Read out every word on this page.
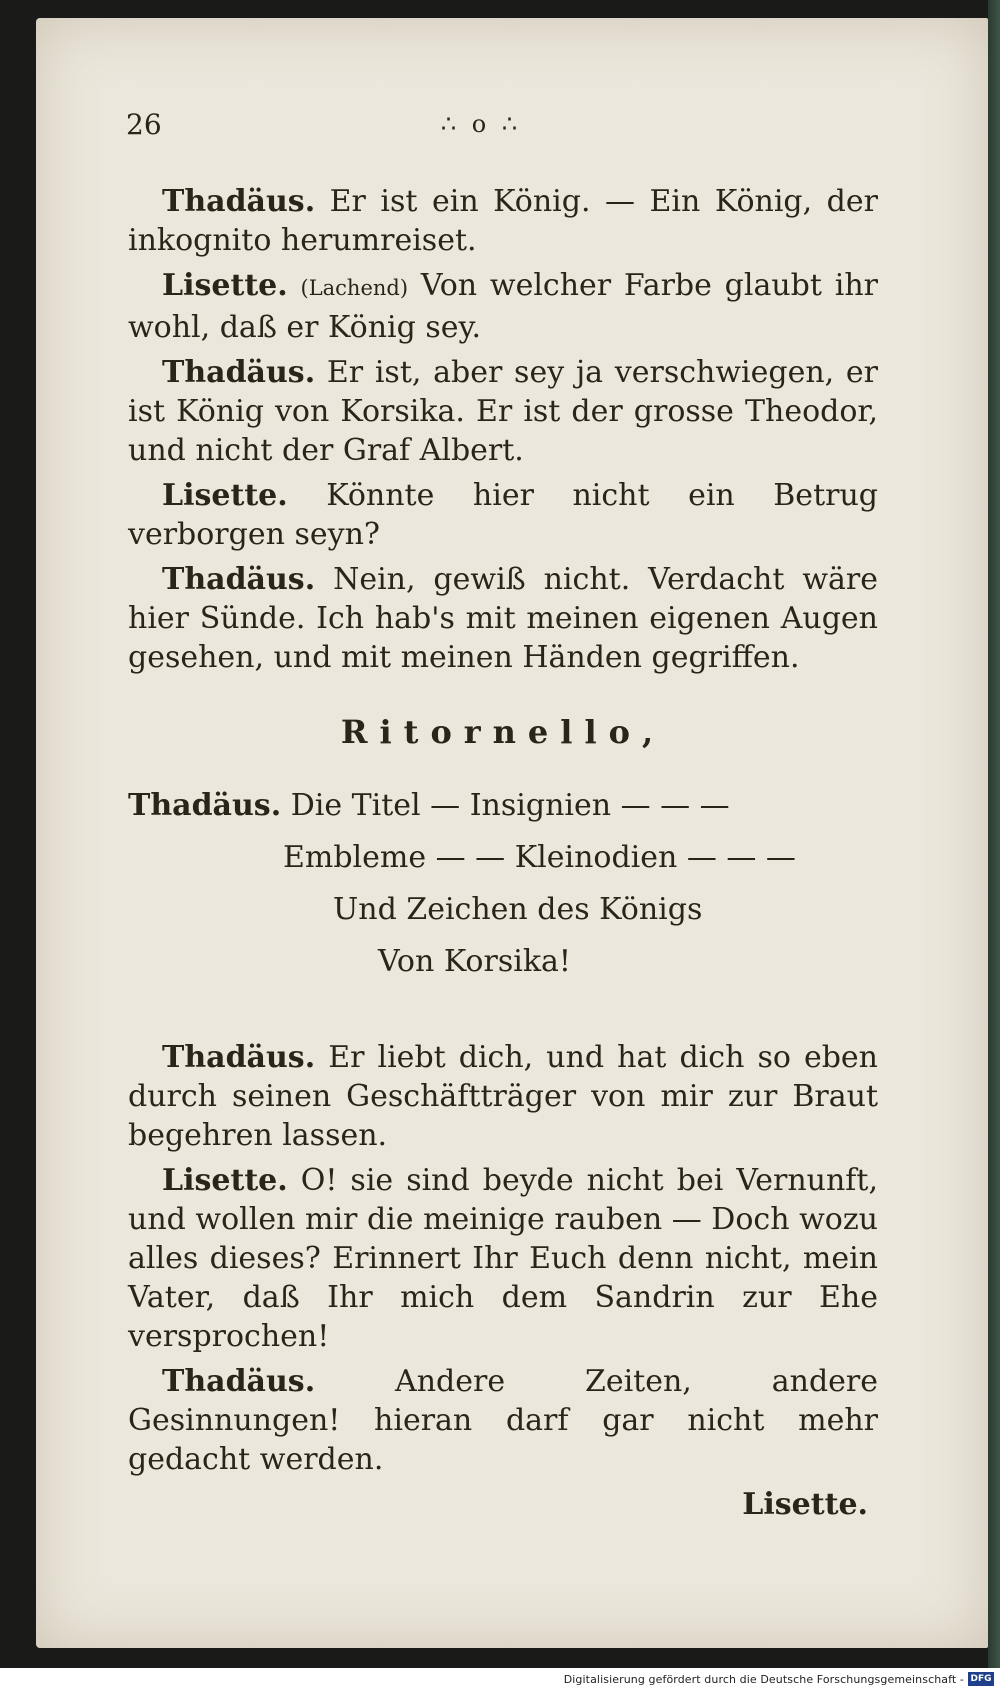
26	∴ o ∴

Thadäus. Er ist ein König. — Ein König, der inkognito herumreiset.

Lisette. (Lachend) Von welcher Farbe glaubt ihr wohl, daß er König sey.

Thadäus. Er ist, aber sey ja verschwiegen, er ist König von Korsika. Er ist der grosse Theodor, und nicht der Graf Albert.

Lisette. Könnte hier nicht ein Betrug verborgen seyn?

Thadäus. Nein, gewiß nicht. Verdacht wäre hier Sünde. Ich hab's mit meinen eigenen Augen gesehen, und mit meinen Händen gegriffen.

Ritornello,

Thadäus. Die Titel — Insignien — — —

Embleme — — Kleinodien — — —

Und Zeichen des Königs

Von Korsika!

Thadäus. Er liebt dich, und hat dich so eben durch seinen Geschäftträger von mir zur Braut begehren lassen.

Lisette. O! sie sind beyde nicht bei Vernunft, und wollen mir die meinige rauben — Doch wozu alles dieses? Erinnert Ihr Euch denn nicht, mein Vater, daß Ihr mich dem Sandrin zur Ehe versprochen!

Thadäus.	Andere Zeiten, andere Gesinnungen! hieran darf gar nicht mehr gedacht werden.

Lisette.

Digitalisierung gefördert durch die Deutsche Forschungsgemeinschaft - DFG
